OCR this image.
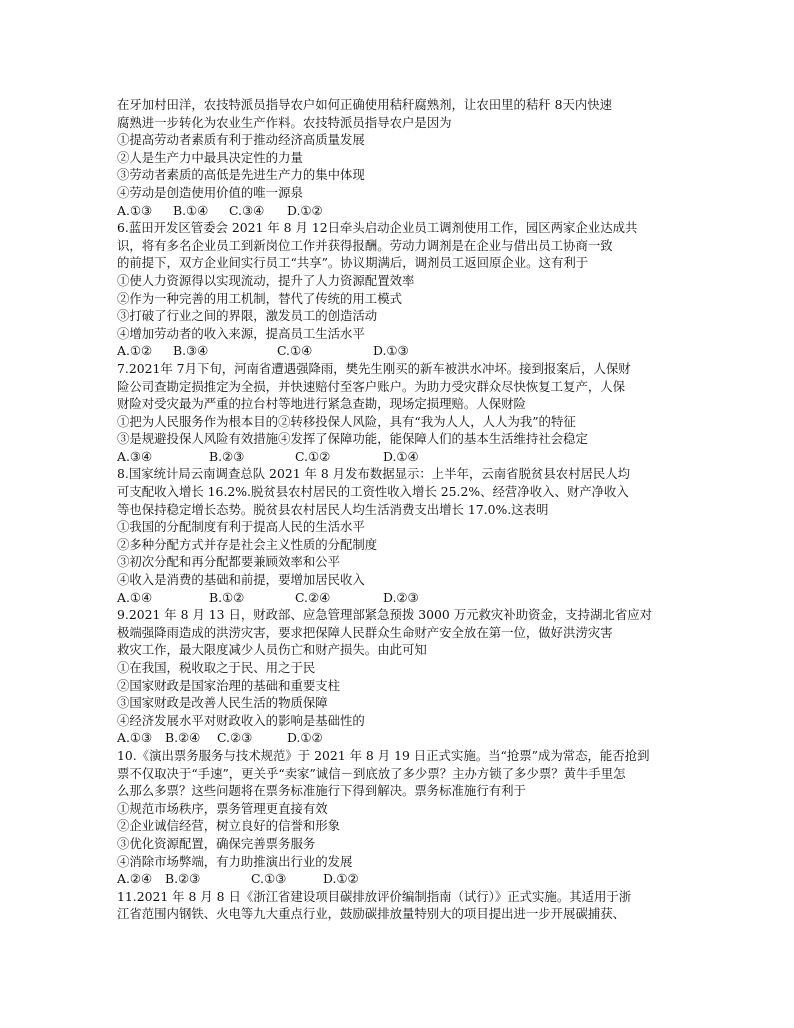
在牙加村田洋，农技特派员指导农户如何正确使用秸秆腐熟剂，让农田里的秸秆 8天内快速
腐熟进一步转化为农业生产作料。农技特派员指导农户是因为
①提高劳动者素质有利于推动经济高质量发展
②人是生产力中最具决定性的力量
③劳动者素质的高低是先进生产力的集中体现
④劳动是创造使用价值的唯一源泉
A.①③	B.①④	C.③④	D.①②
6.蓝田开发区管委会 2021 年 8 月 12日牵头启动企业员工调剂使用工作，园区两家企业达成共
识，将有多名企业员工到新岗位工作并获得报酬。劳动力调剂是在企业与借出员工协商一致
的前提下，双方企业间实行员工“共享”。协议期满后，调剂员工返回原企业。这有利于
①使人力资源得以实现流动，提升了人力资源配置效率
②作为一种完善的用工机制，替代了传统的用工模式
③打破了行业之间的界限，激发员工的创造活动
④增加劳动者的收入来源，提高员工生活水平
A.①②	B.③④	C.①④	D.①③
7.2021年 7月下旬，河南省遭遇强降雨，樊先生刚买的新车被洪水冲坏。接到报案后，人保财
险公司查勘定损推定为全损，并快速赔付至客户账户。为助力受灾群众尽快恢复工复产，人保
财险对受灾最为严重的拉台村等地进行紧急查勘，现场定损理赔。人保财险
①把为人民服务作为根本目的②转移投保人风险，具有“我为人人，人人为我”的特征
③是规避投保人风险有效措施④发挥了保障功能，能保障人们的基本生活维持社会稳定
A.③④	B.②③	C.①②	D.①④
8.国家统计局云南调查总队 2021 年 8 月发布数据显示：上半年，云南省脱贫县农村居民人均
可支配收入增长 16.2%.脱贫县农村居民的工资性收入增长 25.2%、经营净收入、财产净收入
等也保持稳定增长态势。脱贫县农村居民人均生活消费支出增长 17.0%.这表明
①我国的分配制度有利于提高人民的生活水平
②多种分配方式并存是社会主义性质的分配制度
③初次分配和再分配都要兼顾效率和公平
④收入是消费的基础和前提，要增加居民收入
A.①④	B.①②	C.②④	D.②③
9.2021 年 8 月 13 日，财政部、应急管理部紧急预拨 3000 万元救灾补助资金，支持湖北省应对
极端强降雨造成的洪涝灾害，要求把保障人民群众生命财产安全放在第一位，做好洪涝灾害
救灾工作，最大限度减少人员伤亡和财产损失。由此可知
①在我国，税收取之于民、用之于民
②国家财政是国家治理的基础和重要支柱
③国家财政是改善人民生活的物质保障
④经济发展水平对财政收入的影响是基础性的
A.①③	B.②④	C.②③	D.①②
10.《演出票务服务与技术规范》于 2021 年 8 月 19 日正式实施。当“抢票”成为常态，能否抢到
票不仅取决于“手速”，更关乎“卖家”诚信－到底放了多少票？主办方锁了多少票？黄牛手里怎
么那么多票？这些问题将在票务标准施行下得到解决。票务标准施行有利于
①规范市场秩序，票务管理更直接有效
②企业诚信经营，树立良好的信誉和形象
③优化资源配置，确保完善票务服务
④消除市场弊端，有力助推演出行业的发展
A.②④	B.②③	C.①③	D.①②
11.2021 年 8 月 8 日《浙江省建设项目碳排放评价编制指南（试行）》正式实施。其适用于浙
江省范围内钢铁、火电等九大重点行业，鼓励碳排放量特别大的项目提出进一步开展碳捕获、
